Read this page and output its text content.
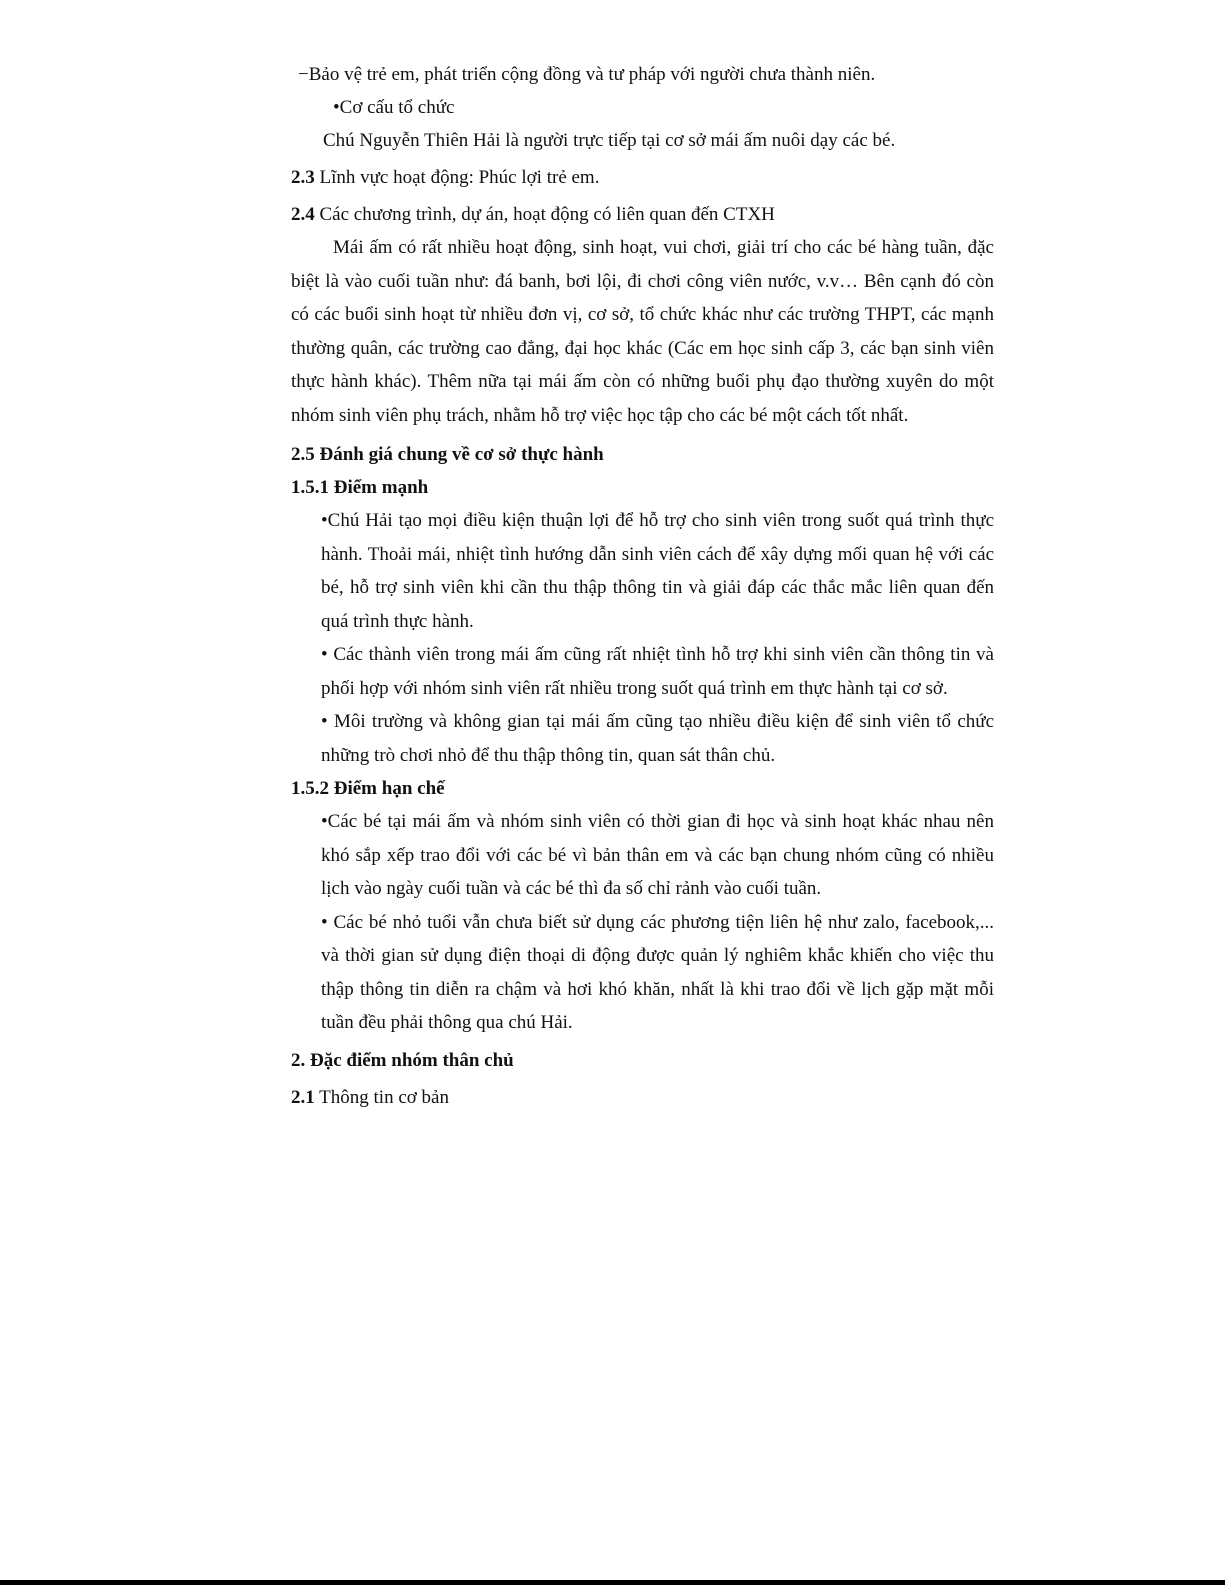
−Bảo vệ trẻ em, phát triển cộng đồng và tư pháp với người chưa thành niên.

•Cơ cấu tổ chức

Chú Nguyễn Thiên Hải là người trực tiếp tại cơ sở mái ấm nuôi dạy các bé.

2.3 Lĩnh vực hoạt động: Phúc lợi trẻ em.

2.4 Các chương trình, dự án, hoạt động có liên quan đến CTXH

Mái ấm có rất nhiều hoạt động, sinh hoạt, vui chơi, giải trí cho các bé hàng tuần, đặc biệt là vào cuối tuần như: đá banh, bơi lội, đi chơi công viên nước, v.v… Bên cạnh đó còn có các buổi sinh hoạt từ nhiều đơn vị, cơ sở, tổ chức khác như các trường THPT, các mạnh thường quân, các trường cao đẳng, đại học khác (Các em học sinh cấp 3, các bạn sinh viên thực hành khác). Thêm nữa tại mái ấm còn có những buổi phụ đạo thường xuyên do một nhóm sinh viên phụ trách, nhằm hỗ trợ việc học tập cho các bé một cách tốt nhất.

2.5 Đánh giá chung về cơ sở thực hành

1.5.1 Điểm mạnh

•Chú Hải tạo mọi điều kiện thuận lợi để hỗ trợ cho sinh viên trong suốt quá trình thực hành. Thoải mái, nhiệt tình hướng dẫn sinh viên cách để xây dựng mối quan hệ với các bé, hỗ trợ sinh viên khi cần thu thập thông tin và giải đáp các thắc mắc liên quan đến quá trình thực hành.

• Các thành viên trong mái ấm cũng rất nhiệt tình hỗ trợ khi sinh viên cần thông tin và phối hợp với nhóm sinh viên rất nhiều trong suốt quá trình em thực hành tại cơ sở.

• Môi trường và không gian tại mái ấm cũng tạo nhiều điều kiện để sinh viên tổ chức những trò chơi nhỏ để thu thập thông tin, quan sát thân chủ.

1.5.2 Điểm hạn chế

•Các bé tại mái ấm và nhóm sinh viên có thời gian đi học và sinh hoạt khác nhau nên khó sắp xếp trao đổi với các bé vì bản thân em và các bạn chung nhóm cũng có nhiều lịch vào ngày cuối tuần và các bé thì đa số chỉ rảnh vào cuối tuần.

• Các bé nhỏ tuổi vẫn chưa biết sử dụng các phương tiện liên hệ như zalo, facebook,... và thời gian sử dụng điện thoại di động được quản lý nghiêm khắc khiến cho việc thu thập thông tin diễn ra chậm và hơi khó khăn, nhất là khi trao đổi về lịch gặp mặt mỗi tuần đều phải thông qua chú Hải.

2. Đặc điểm nhóm thân chủ

2.1 Thông tin cơ bản
